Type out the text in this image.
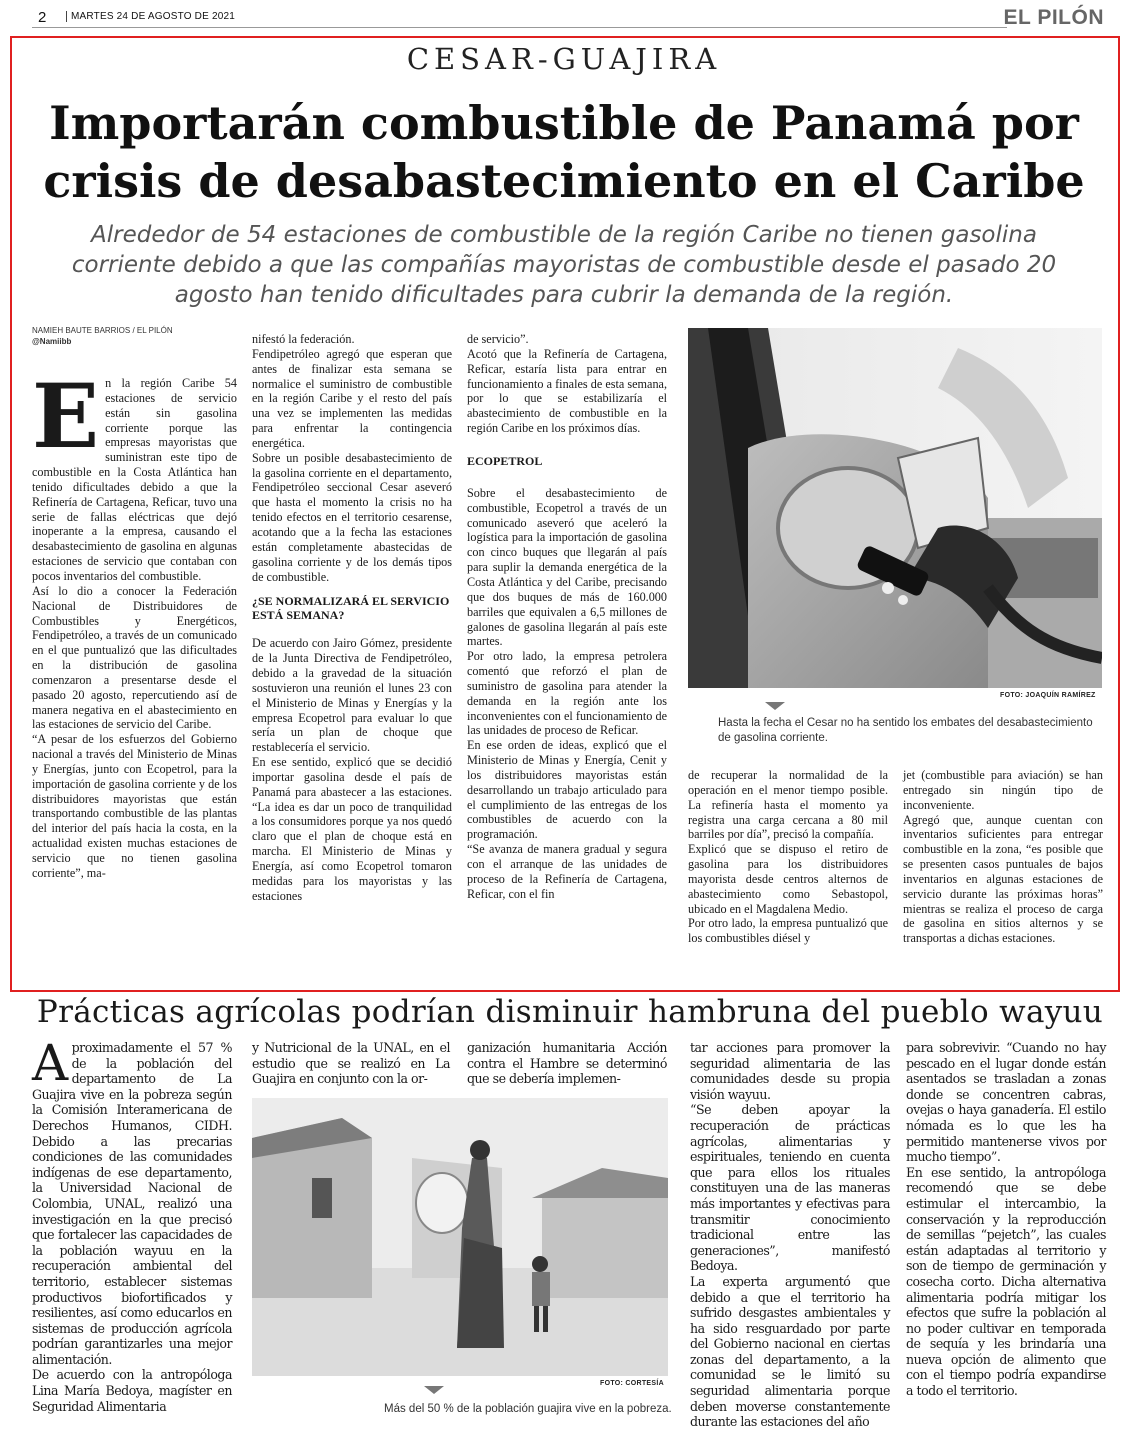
2	MARTES 24 DE AGOSTO DE 2021	EL PILÓN
CESAR-GUAJIRA
Importarán combustible de Panamá por crisis de desabastecimiento en el Caribe
Alrededor de 54 estaciones de combustible de la región Caribe no tienen gasolina corriente debido a que las compañías mayoristas de combustible desde el pasado 20 agosto han tenido dificultades para cubrir la demanda de la región.
NAMIEH BAUTE BARRIOS / EL PILÓN
@Namiibb

En la región Caribe 54 estaciones de servicio están sin gasolina corriente porque las empresas mayoristas que suministran este tipo de combustible en la Costa Atlántica han tenido dificultades debido a que la Refinería de Cartagena, Reficar, tuvo una serie de fallas eléctricas que dejó inoperante a la empresa, causando el desabastecimiento de gasolina en algunas estaciones de servicio que contaban con pocos inventarios del combustible.

Así lo dio a conocer la Federación Nacional de Distribuidores de Combustibles y Energéticos, Fendipetróleo, a través de un comunicado en el que puntualizó que las dificultades en la distribución de gasolina comenzaron a presentarse desde el pasado 20 agosto, repercutiendo así de manera negativa en el abastecimiento en las estaciones de servicio del Caribe.

“A pesar de los esfuerzos del Gobierno nacional a través del Ministerio de Minas y Energías, junto con Ecopetrol, para la importación de gasolina corriente y de los distribuidores mayoristas que están transportando combustible de las plantas del interior del país hacia la costa, en la actualidad existen muchas estaciones de servicio que no tienen gasolina corriente”, ma-

nifestó la federación.

Fendipetróleo agregó que esperan que antes de finalizar esta semana se normalice el suministro de combustible en la región Caribe y el resto del país una vez se implementen las medidas para enfrentar la contingencia energética.

Sobre un posible desabastecimiento de la gasolina corriente en el departamento, Fendipetróleo seccional Cesar aseveró que hasta el momento la crisis no ha tenido efectos en el territorio cesarense, acotando que a la fecha las estaciones están completamente abastecidas de gasolina corriente y de los demás tipos de combustible.

¿SE NORMALIZARÁ EL SERVICIO ESTÁ SEMANA?

De acuerdo con Jairo Gómez, presidente de la Junta Directiva de Fendipetróleo, debido a la gravedad de la situación sostuvieron una reunión el lunes 23 con el Ministerio de Minas y Energías y la empresa Ecopetrol para evaluar lo que sería un plan de choque que restablecería el servicio.

En ese sentido, explicó que se decidió importar gasolina desde el país de Panamá para abastecer a las estaciones. “La idea es dar un poco de tranquilidad a los consumidores porque ya nos quedó claro que el plan de choque está en marcha. El Ministerio de Minas y Energía, así como Ecopetrol tomaron medidas para los mayoristas y las estaciones

de servicio”.

Acotó que la Refinería de Cartagena, Reficar, estaría lista para entrar en funcionamiento a finales de esta semana, por lo que se estabilizaría el abastecimiento de combustible en la región Caribe en los próximos días.

ECOPETROL

Sobre el desabastecimiento de combustible, Ecopetrol a través de un comunicado aseveró que aceleró la logística para la importación de gasolina con cinco buques que llegarán al país para suplir la demanda energética de la Costa Atlántica y del Caribe, precisando que dos buques de más de 160.000 barriles que equivalen a 6,5 millones de galones de gasolina llegarán al país este martes.

Por otro lado, la empresa petrolera comentó que reforzó el plan de suministro de gasolina para atender la demanda en la región ante los inconvenientes con el funcionamiento de las unidades de proceso de Reficar.

En ese orden de ideas, explicó que el Ministerio de Minas y Energía, Cenit y los distribuidores mayoristas están desarrollando un trabajo articulado para el cumplimiento de las entregas de los combustibles de acuerdo con la programación.

“Se avanza de manera gradual y segura con el arranque de las unidades de proceso de la Refinería de Cartagena, Reficar, con el fin

FOTO: JOAQUÍN RAMÍREZ
Hasta la fecha el Cesar no ha sentido los embates del desabastecimiento de gasolina corriente.

de recuperar la normalidad de la operación en el menor tiempo posible. La refinería hasta el momento ya registra una carga cercana a 80 mil barriles por día”, precisó la compañía.

Explicó que se dispuso el retiro de gasolina para los distribuidores mayorista desde centros alternos de abastecimiento como Sebastopol, ubicado en el Magdalena Medio.

Por otro lado, la empresa puntualizó que los combustibles diésel y

jet (combustible para aviación) se han entregado sin ningún tipo de inconveniente.

Agregó que, aunque cuentan con inventarios suficientes para entregar combustible en la zona, “es posible que se presenten casos puntuales de bajos inventarios en algunas estaciones de servicio durante las próximas horas” mientras se realiza el proceso de carga de gasolina en sitios alternos y se transportas a dichas estaciones.

Prácticas agrícolas podrían disminuir hambruna del pueblo wayuu

Aproximadamente el 57 % de la población del departamento de La Guajira vive en la pobreza según la Comisión Interamericana de Derechos Humanos, CIDH. Debido a las precarias condiciones de las comunidades indígenas de ese departamento, la Universidad Nacional de Colombia, UNAL, realizó una investigación en la que precisó que fortalecer las capacidades de la población wayuu en la recuperación ambiental del territorio, establecer sistemas productivos biofortificados y resilientes, así como educarlos en sistemas de producción agrícola podrían garantizarles una mejor alimentación.

De acuerdo con la antropóloga Lina María Bedoya, magíster en Seguridad Alimentaria

y Nutricional de la UNAL, en el estudio que se realizó en La Guajira en conjunto con la or-

ganización humanitaria Acción contra el Hambre se determinó que se debería implemen-

FOTO: CORTESÍA
Más del 50 % de la población guajira vive en la pobreza.

tar acciones para promover la seguridad alimentaria de las comunidades desde su propia visión wayuu.

“Se deben apoyar la recuperación de prácticas agrícolas, alimentarias y espirituales, teniendo en cuenta que para ellos los rituales constituyen una de las maneras más importantes y efectivas para transmitir conocimiento tradicional entre las generaciones”, manifestó Bedoya.

La experta argumentó que debido a que el territorio ha sufrido desgastes ambientales y ha sido resguardado por parte del Gobierno nacional en ciertas zonas del departamento, a la comunidad se le limitó su seguridad alimentaria porque deben moverse constantemente durante las estaciones del año

para sobrevivir. “Cuando no hay pescado en el lugar donde están asentados se trasladan a zonas donde se concentren cabras, ovejas o haya ganadería. El estilo nómada es lo que les ha permitido mantenerse vivos por mucho tiempo”.

En ese sentido, la antropóloga recomendó que se debe estimular el intercambio, la conservación y la reproducción de semillas “pejetch”, las cuales están adaptadas al territorio y son de tiempo de germinación y cosecha corto. Dicha alternativa alimentaria podría mitigar los efectos que sufre la población al no poder cultivar en temporada de sequía y les brindaría una nueva opción de alimento que con el tiempo podría expandirse a todo el territorio.
